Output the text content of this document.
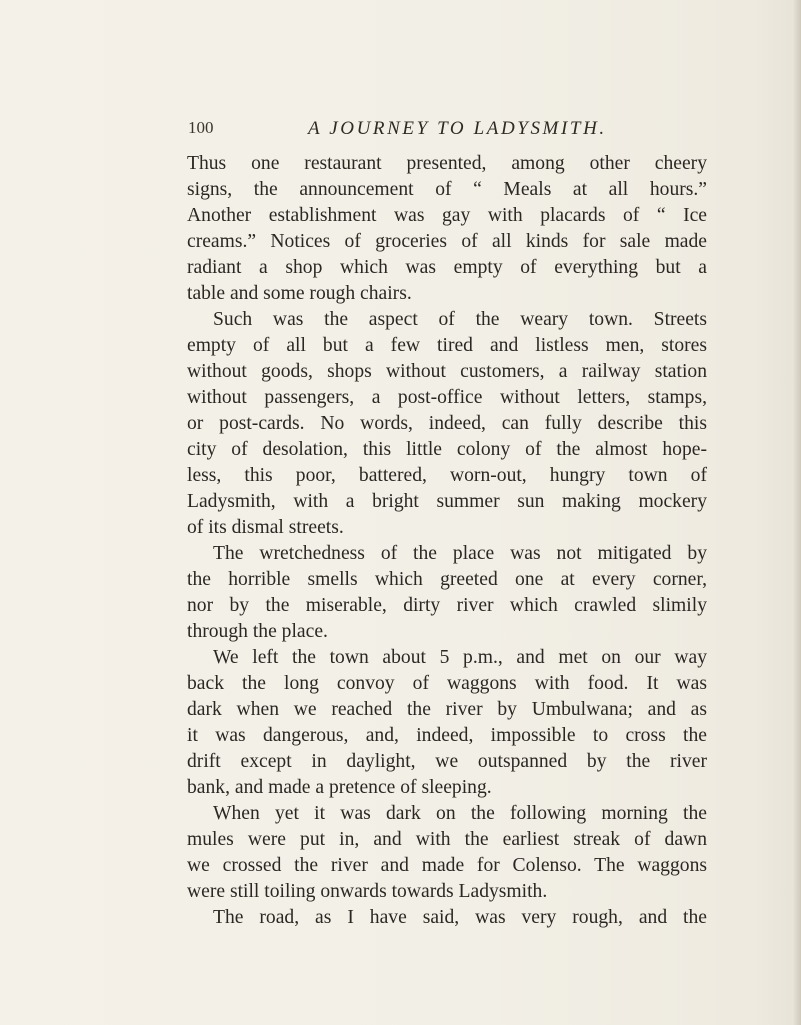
100	A JOURNEY TO LADYSMITH.
Thus one restaurant presented, among other cheery
signs, the announcement of “ Meals at all hours.”
Another establishment was gay with placards of “ Ice
creams.” Notices of groceries of all kinds for sale made
radiant a shop which was empty of everything but a
table and some rough chairs.
Such was the aspect of the weary town. Streets
empty of all but a few tired and listless men, stores
without goods, shops without customers, a railway station
without passengers, a post-office without letters, stamps,
or post-cards. No words, indeed, can fully describe this
city of desolation, this little colony of the almost hope-
less, this poor, battered, worn-out, hungry town of
Ladysmith, with a bright summer sun making mockery
of its dismal streets.
The wretchedness of the place was not mitigated by
the horrible smells which greeted one at every corner,
nor by the miserable, dirty river which crawled slimily
through the place.
We left the town about 5 p.m., and met on our way
back the long convoy of waggons with food. It was
dark when we reached the river by Umbulwana; and as
it was dangerous, and, indeed, impossible to cross the
drift except in daylight, we outspanned by the river
bank, and made a pretence of sleeping.
When yet it was dark on the following morning the
mules were put in, and with the earliest streak of dawn
we crossed the river and made for Colenso. The waggons
were still toiling onwards towards Ladysmith.
The road, as I have said, was very rough, and the
